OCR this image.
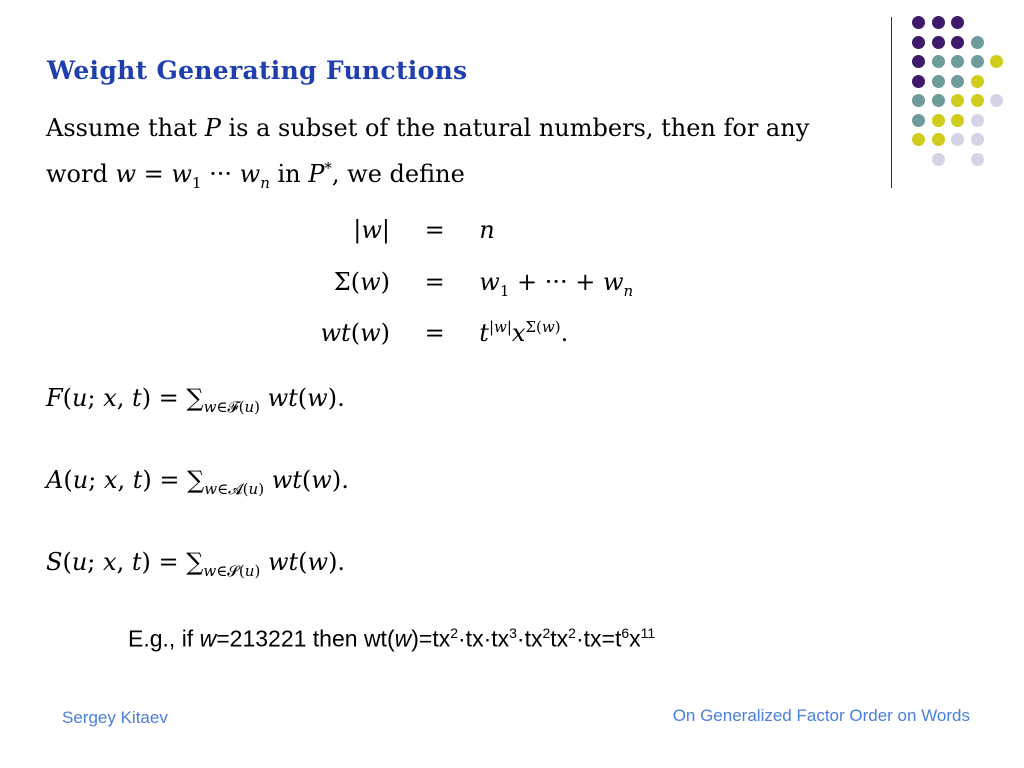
Weight Generating Functions
Assume that P is a subset of the natural numbers, then for any
word $w = w_1$ ··· $w_n$ in P*, we define
|w| = n
$\Sigma(w) = w_1$ + ··· + $w_n$
$wt(w) = t^{|w|}x^{\Sigma(w)}$.
F(u; x, $t) = \sum_{w\in 𝓕(u)}$ wt(w).
A(u; x, $t) = \sum_{w\in 𝓐(u)}$ wt(w).
S(u; x, $t) = \sum_{w\in 𝓢(u)}$ wt(w).
E.g., if w=213221 then $wt(w)=tx^2\cdot tx\cdot tx^3\cdot tx^2tx^2\cdot tx=t^6x^{11}$
Sergey Kitaev	On Generalized Factor Order on Words
